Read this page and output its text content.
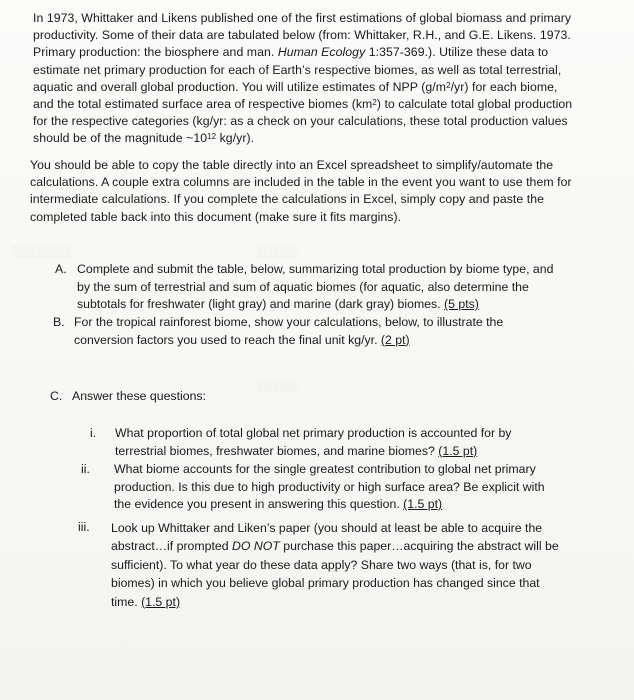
░░░░░░░	░░░░░
░░░░░
In 1973, Whittaker and Likens published one of the first estimations of global biomass and primary
productivity. Some of their data are tabulated below (from: Whittaker, R.H., and G.E. Likens. 1973.
Primary production: the biosphere and man. Human Ecology 1:357-369.). Utilize these data to
estimate net primary production for each of Earth’s respective biomes, as well as total terrestrial,
aquatic and overall global production. You will utilize estimates of NPP $(g/m^2/yr)$ for each biome,
and the total estimated surface area of respective biomes $(km^2)$ to calculate total global production
for the respective categories (kg/yr: as a check on your calculations, these total production values
should be of the magnitude $\sim 10^{12}$ kg/yr).
You should be able to copy the table directly into an Excel spreadsheet to simplify/automate the
calculations. A couple extra columns are included in the table in the event you want to use them for
intermediate calculations. If you complete the calculations in Excel, simply copy and paste the
completed table back into this document (make sure it fits margins).
A. Complete and submit the table, below, summarizing total production by biome type, and
by the sum of terrestrial and sum of aquatic biomes (for aquatic, also determine the
subtotals for freshwater (light gray) and marine (dark gray) biomes. (5 pts)
B. For the tropical rainforest biome, show your calculations, below, to illustrate the
conversion factors you used to reach the final unit kg/yr. (2 pt)
C. Answer these questions:
i. What proportion of total global net primary production is accounted for by
terrestrial biomes, freshwater biomes, and marine biomes? (1.5 pt)
ii. What biome accounts for the single greatest contribution to global net primary
production. Is this due to high productivity or high surface area? Be explicit with
the evidence you present in answering this question. (1.5 pt)
iii. Look up Whittaker and Liken’s paper (you should at least be able to acquire the
abstract…if prompted DO NOT purchase this paper…acquiring the abstract will be
sufficient). To what year do these data apply? Share two ways (that is, for two
biomes) in which you believe global primary production has changed since that
time. (1.5 pt)
